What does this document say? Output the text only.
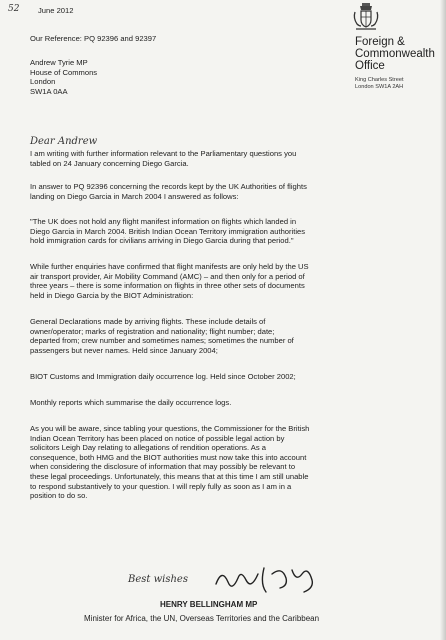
52 June 2012
Our Reference: PQ 92396 and 92397	Foreign &
Commonwealth
Office
King Charles Street
London SW1A 2AH
Andrew Tyrie MP
House of Commons
London
SW1A 0AA
Dear Andrew
I am writing with further information relevant to the Parliamentary questions you
tabled on 24 January concerning Diego Garcia.
In answer to PQ 92396 concerning the records kept by the UK Authorities of flights
landing on Diego Garcia in March 2004 I answered as follows:
"The UK does not hold any flight manifest information on flights which landed in
Diego Garcia in March 2004. British Indian Ocean Territory immigration authorities
hold immigration cards for civilians arriving in Diego Garcia during that period."
While further enquiries have confirmed that flight manifests are only held by the US
air transport provider, Air Mobility Command (AMC) – and then only for a period of
three years – there is some information on flights in three other sets of documents
held in Diego Garcia by the BIOT Administration:
General Declarations made by arriving flights. These include details of
owner/operator; marks of registration and nationality; flight number; date;
departed from; crew number and sometimes names; sometimes the number of
passengers but never names. Held since January 2004;
BIOT Customs and Immigration daily occurrence log. Held since October 2002;
Monthly reports which summarise the daily occurrence logs.
As you will be aware, since tabling your questions, the Commissioner for the British
Indian Ocean Territory has been placed on notice of possible legal action by
solicitors Leigh Day relating to allegations of rendition operations. As a
consequence, both HMG and the BIOT authorities must now take this into account
when considering the disclosure of information that may possibly be relevant to
these legal proceedings. Unfortunately, this means that at this time I am still unable
to respond substantively to your question. I will reply fully as soon as I am in a
position to do so.
Best wishes
HENRY BELLINGHAM MP
Minister for Africa, the UN, Overseas Territories and the Caribbean
